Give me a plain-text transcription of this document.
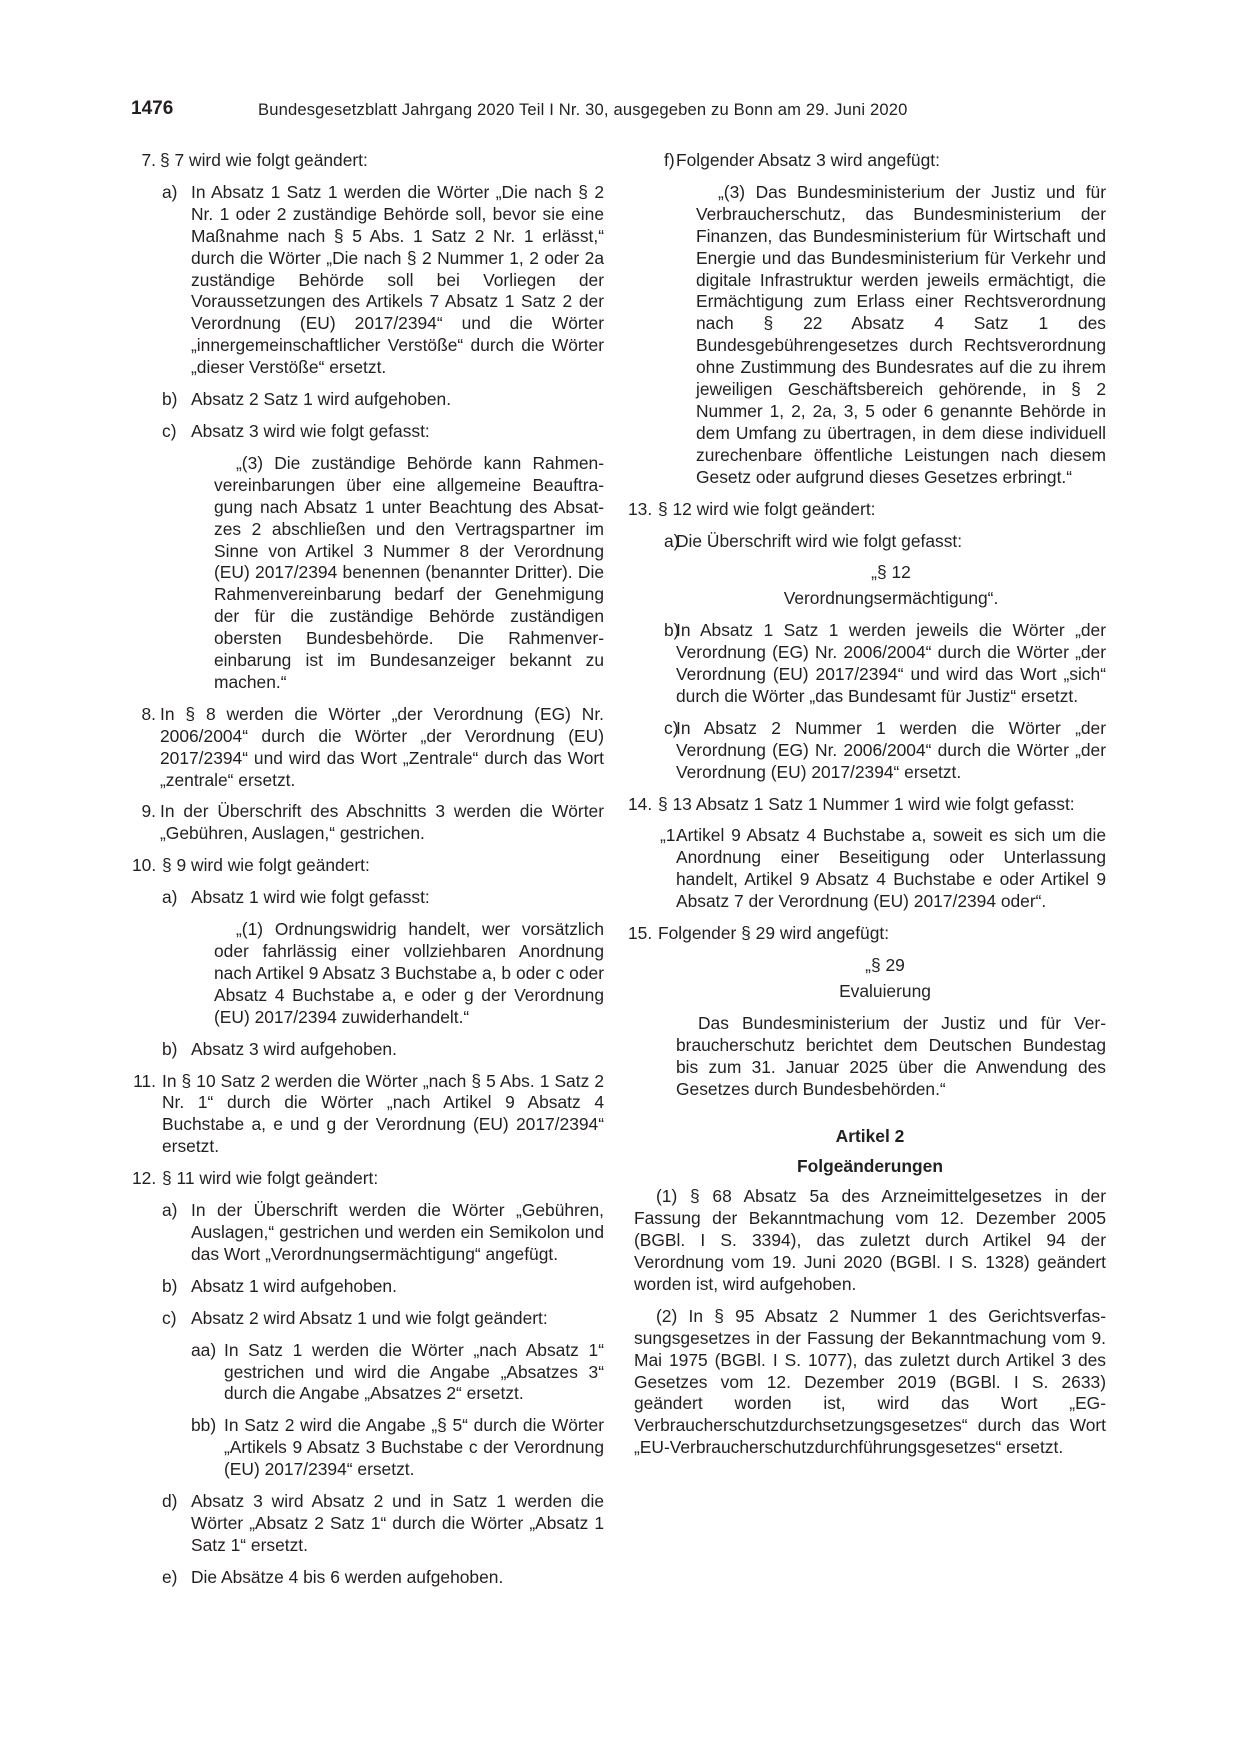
1476	Bundesgesetzblatt Jahrgang 2020 Teil I Nr. 30, ausgegeben zu Bonn am 29. Juni 2020
7. § 7 wird wie folgt geändert:
a) In Absatz 1 Satz 1 werden die Wörter „Die nach § 2 Nr. 1 oder 2 zuständige Behörde soll, bevor sie eine Maßnahme nach § 5 Abs. 1 Satz 2 Nr. 1 erlässt,“ durch die Wörter „Die nach § 2 Nummer 1, 2 oder 2a zuständige Behörde soll bei Vorliegen der Voraussetzungen des Artikels 7 Absatz 1 Satz 2 der Verordnung (EU) 2017/2394“ und die Wörter „innergemeinschaftlicher Verstöße“ durch die Wörter „dieser Verstöße“ ersetzt.
b) Absatz 2 Satz 1 wird aufgehoben.
c) Absatz 3 wird wie folgt gefasst:
„(3) Die zuständige Behörde kann Rahmenvereinbarungen über eine allgemeine Beauftragung nach Absatz 1 unter Beachtung des Absatzes 2 abschließen und den Vertragspartner im Sinne von Artikel 3 Nummer 8 der Verordnung (EU) 2017/2394 benennen (benannter Dritter). Die Rahmenvereinbarung bedarf der Genehmigung der für die zuständige Behörde zuständigen obersten Bundesbehörde. Die Rahmenvereinbarung ist im Bundesanzeiger bekannt zu machen.“
8. In § 8 werden die Wörter „der Verordnung (EG) Nr. 2006/2004“ durch die Wörter „der Verordnung (EU) 2017/2394“ und wird das Wort „Zentrale“ durch das Wort „zentrale“ ersetzt.
9. In der Überschrift des Abschnitts 3 werden die Wörter „Gebühren, Auslagen,“ gestrichen.
10. § 9 wird wie folgt geändert:
a) Absatz 1 wird wie folgt gefasst:
„(1) Ordnungswidrig handelt, wer vorsätzlich oder fahrlässig einer vollziehbaren Anordnung nach Artikel 9 Absatz 3 Buchstabe a, b oder c oder Absatz 4 Buchstabe a, e oder g der Verordnung (EU) 2017/2394 zuwiderhandelt.“
b) Absatz 3 wird aufgehoben.
11. In § 10 Satz 2 werden die Wörter „nach § 5 Abs. 1 Satz 2 Nr. 1“ durch die Wörter „nach Artikel 9 Absatz 4 Buchstabe a, e und g der Verordnung (EU) 2017/2394“ ersetzt.
12. § 11 wird wie folgt geändert:
a) In der Überschrift werden die Wörter „Gebühren, Auslagen,“ gestrichen und werden ein Semikolon und das Wort „Verordnungsermächtigung“ angefügt.
b) Absatz 1 wird aufgehoben.
c) Absatz 2 wird Absatz 1 und wie folgt geändert:
aa) In Satz 1 werden die Wörter „nach Absatz 1“ gestrichen und wird die Angabe „Absatzes 3“ durch die Angabe „Absatzes 2“ ersetzt.
bb) In Satz 2 wird die Angabe „§ 5“ durch die Wörter „Artikels 9 Absatz 3 Buchstabe c der Verordnung (EU) 2017/2394“ ersetzt.
d) Absatz 3 wird Absatz 2 und in Satz 1 werden die Wörter „Absatz 2 Satz 1“ durch die Wörter „Absatz 1 Satz 1“ ersetzt.
e) Die Absätze 4 bis 6 werden aufgehoben.
f) Folgender Absatz 3 wird angefügt:
„(3) Das Bundesministerium der Justiz und für Verbraucherschutz, das Bundesministerium der Finanzen, das Bundesministerium für Wirtschaft und Energie und das Bundesministerium für Verkehr und digitale Infrastruktur werden jeweils ermächtigt, die Ermächtigung zum Erlass einer Rechtsverordnung nach § 22 Absatz 4 Satz 1 des Bundesgebührengesetzes durch Rechtsverordnung ohne Zustimmung des Bundesrates auf die zu ihrem jeweiligen Geschäftsbereich gehörende, in § 2 Nummer 1, 2, 2a, 3, 5 oder 6 genannte Behörde in dem Umfang zu übertragen, in dem diese individuell zurechenbare öffentliche Leistungen nach diesem Gesetz oder aufgrund dieses Gesetzes erbringt.“
13. § 12 wird wie folgt geändert:
a)
Die Überschrift wird wie folgt gefasst:
„§ 12
Verordnungsermächtigung“.
b)
In Absatz 1 Satz 1 werden jeweils die Wörter „der Verordnung (EG) Nr. 2006/2004“ durch die Wörter „der Verordnung (EU) 2017/2394“ und wird das Wort „sich“ durch die Wörter „das Bundesamt für Justiz“ ersetzt.
c)
In Absatz 2 Nummer 1 werden die Wörter „der Verordnung (EG) Nr. 2006/2004“ durch die Wörter „der Verordnung (EU) 2017/2394“ ersetzt.
14. § 13 Absatz 1 Satz 1 Nummer 1 wird wie folgt gefasst:
„1.
Artikel 9 Absatz 4 Buchstabe a, soweit es sich um die Anordnung einer Beseitigung oder Unterlassung handelt, Artikel 9 Absatz 4 Buchstabe e oder Artikel 9 Absatz 7 der Verordnung (EU) 2017/2394 oder“.
15. Folgender § 29 wird angefügt:
„§ 29
Evaluierung
Das Bundesministerium der Justiz und für Verbraucherschutz berichtet dem Deutschen Bundestag bis zum 31. Januar 2025 über die Anwendung des Gesetzes durch Bundesbehörden.“
Artikel 2
Folgeänderungen
(1) § 68 Absatz 5a des Arzneimittelgesetzes in der Fassung der Bekanntmachung vom 12. Dezember 2005 (BGBl. I S. 3394), das zuletzt durch Artikel 94 der Verordnung vom 19. Juni 2020 (BGBl. I S. 1328) geändert worden ist, wird aufgehoben.
(2) In § 95 Absatz 2 Nummer 1 des Gerichtsverfassungsgesetzes in der Fassung der Bekanntmachung vom 9. Mai 1975 (BGBl. I S. 1077), das zuletzt durch Artikel 3 des Gesetzes vom 12. Dezember 2019 (BGBl. I S. 2633) geändert worden ist, wird das Wort „EG-Verbraucherschutzdurchsetzungsgesetzes“ durch das Wort „EU-Verbraucherschutzdurchführungsgesetzes“ ersetzt.
